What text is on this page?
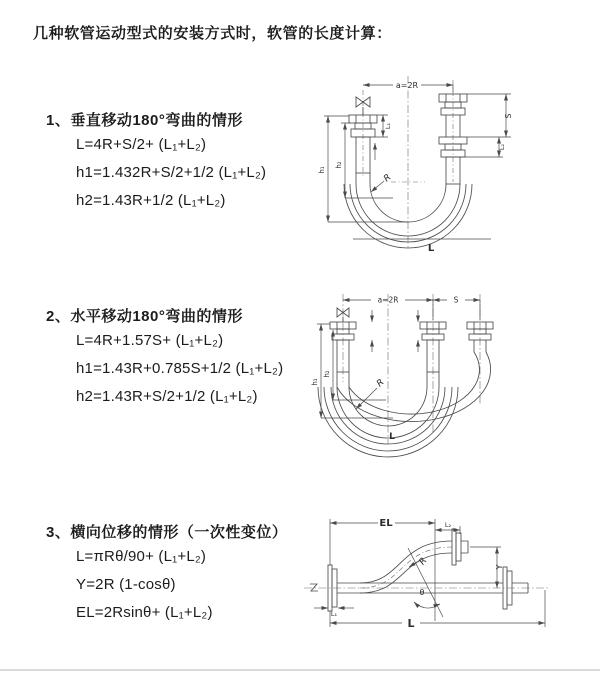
几种软管运动型式的安装方式时，软管的长度计算：
1、垂直移动180°弯曲的情形
L=4R+S/2+ (L₁+L₂)
h1=1.432R+S/2+1/2 (L₁+L₂)
h2=1.43R+1/2 (L₁+L₂)
a=2R
h₁
h₂
L₁
S
L₂
R
L
2、水平移动180°弯曲的情形
L=4R+1.57S+ (L₁+L₂)
h1=1.43R+0.785S+1/2 (L₁+L₂)
h2=1.43R+S/2+1/2 (L₁+L₂)
a=2R	S
h₁
h₂
R
L
3、横向位移的情形（一次性变位）
L=πRθ/90+ (L₁+L₂)
Y=2R (1-cosθ)
EL=2Rsinθ+ (L₁+L₂)
EL	L₂
Y
R
θ
L
L₁
